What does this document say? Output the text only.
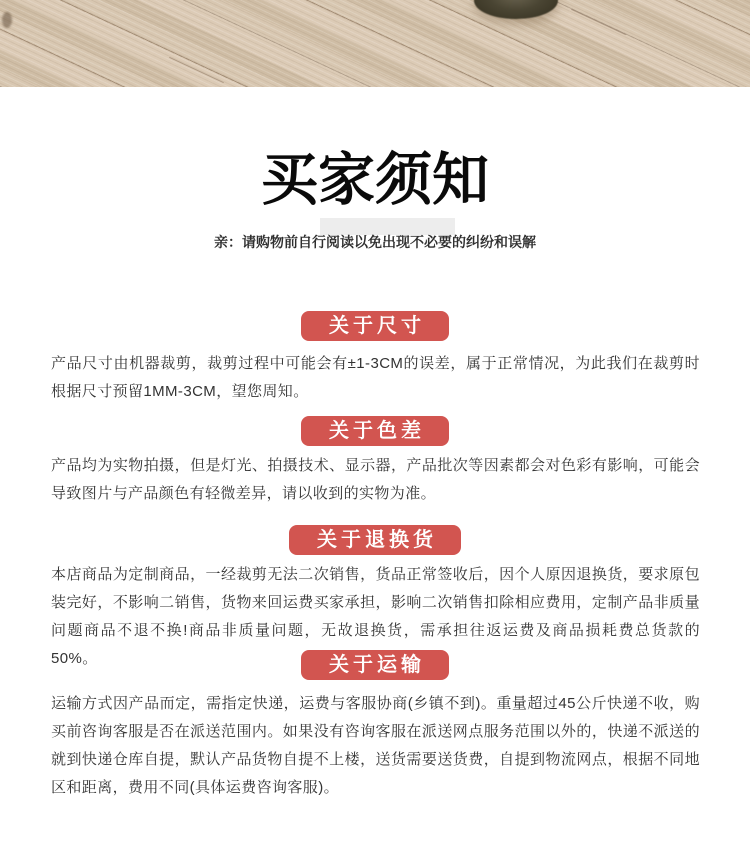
买家须知

亲：请购物前自行阅读以免出现不必要的纠纷和误解

关于尺寸

产品尺寸由机器裁剪，裁剪过程中可能会有±1-3CM的误差，属于正常情况，为此我们在裁剪时根据尺寸预留1MM-3CM，望您周知。

关于色差

产品均为实物拍摄，但是灯光、拍摄技术、显示器，产品批次等因素都会对色彩有影响，可能会导致图片与产品颜色有轻微差异，请以收到的实物为准。

关于退换货

本店商品为定制商品，一经裁剪无法二次销售，货品正常签收后，因个人原因退换货，要求原包装完好，不影响二销售，货物来回运费买家承担，影响二次销售扣除相应费用，定制产品非质量问题商品不退不换!商品非质量问题，无故退换货，需承担往返运费及商品损耗费总货款的50%。	关于运输

运输方式因产品而定，需指定快递，运费与客服协商(乡镇不到)。重量超过45公斤快递不收，购买前咨询客服是否在派送范围内。如果没有咨询客服在派送网点服务范围以外的，快递不派送的就到快递仓库自提，默认产品货物自提不上楼，送货需要送货费，自提到物流网点，根据不同地区和距离，费用不同(具体运费咨询客服)。
